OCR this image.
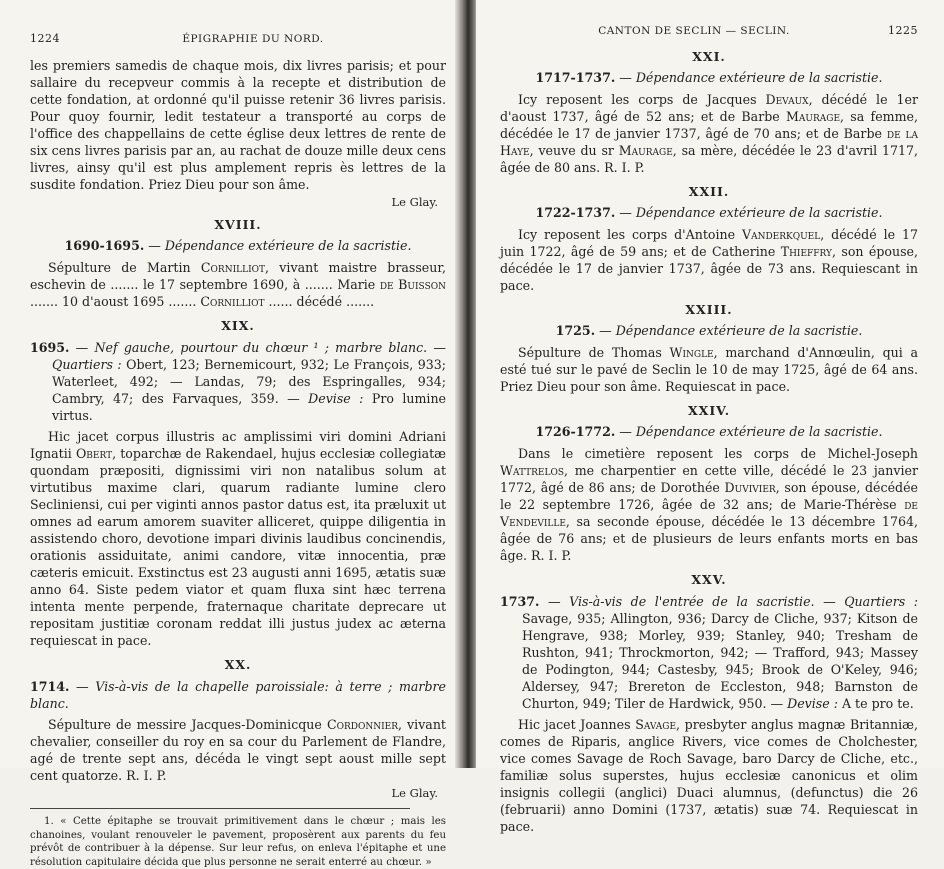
1224	ÉPIGRAPHIE DU NORD.

les premiers samedis de chaque mois, dix livres parisis; et pour sallaire du recepveur commis à la recepte et distribution de cette fondation, at ordonné qu'il puisse retenir 36 livres parisis. Pour quoy fournir, ledit testateur a transporté au corps de l'office des chappellains de cette église deux lettres de rente de six cens livres parisis par an, au rachat de douze mille deux cens livres, ainsy qu'il est plus amplement repris ès lettres de la susdite fondation. Priez Dieu pour son âme.

Le Glay.
XVIII.
1690-1695. — Dépendance extérieure de la sacristie.

Sépulture de Martin Cornilliot, vivant maistre brasseur, eschevin de ....... le 17 septembre 1690, à ....... Marie de Buisson ....... 10 d'aoust 1695 ....... Cornilliot ...... décédé .......

XIX.

1695. — Nef gauche, pourtour du chœur ¹ ; marbre blanc. — Quartiers : Obert, 123; Bernemicourt, 932; Le François, 933; Waterleet, 492; — Landas, 79; des Espringalles, 934; Cambry, 47; des Farvaques, 359. — Devise : Pro lumine virtus.

Hic jacet corpus illustris ac amplissimi viri domini Adriani Ignatii Obert, toparchæ de Rakendael, hujus ecclesiæ collegiatæ quondam præpositi, dignissimi viri non natalibus solum at virtutibus maxime clari, quarum radiante lumine clero Secliniensi, cui per viginti annos pastor datus est, ita præluxit ut omnes ad earum amorem suaviter alliceret, quippe diligentia in assistendo choro, devotione impari divinis laudibus concinendis, orationis assiduitate, animi candore, vitæ innocentia, præ cæteris emicuit. Exstinctus est 23 augusti anni 1695, ætatis suæ anno 64. Siste pedem viator et quam fluxa sint hæc terrena intenta mente perpende, fraternaque charitate deprecare ut repositam justitiæ coronam reddat illi justus judex ac æterna requiescat in pace.

XX.

1714. — Vis-à-vis de la chapelle paroissiale: à terre ; marbre blanc.

Sépulture de messire Jacques-Dominicque Cordonnier, vivant chevalier, conseiller du roy en sa cour du Parlement de Flandre, agé de trente sept ans, décéda le vingt sept aoust mille sept cent quatorze. R. I. P.

Le Glay.

1. « Cette épitaphe se trouvait primitivement dans le chœur ; mais les chanoines, voulant renouveler le pavement, proposèrent aux parents du feu prévôt de contribuer à la dépense. Sur leur refus, on enleva l'épitaphe et une résolution capitulaire décida que plus personne ne serait enterré au chœur. »

CANTON DE SECLIN — SECLIN.	1225
XXI.
1717-1737. — Dépendance extérieure de la sacristie.

Icy reposent les corps de Jacques Devaux, décédé le 1er d'aoust 1737, âgé de 52 ans; et de Barbe Maurage, sa femme, décédée le 17 de janvier 1737, âgé de 70 ans; et de Barbe de la Haye, veuve du sr Maurage, sa mère, décédée le 23 d'avril 1717, âgée de 80 ans. R. I. P.

XXII.
1722-1737. — Dépendance extérieure de la sacristie.

Icy reposent les corps d'Antoine Vanderkquel, décédé le 17 juin 1722, âgé de 59 ans; et de Catherine Thieffry, son épouse, décédée le 17 de janvier 1737, âgée de 73 ans. Requiescant in pace.

XXIII.
1725. — Dépendance extérieure de la sacristie.

Sépulture de Thomas Wingle, marchand d'Annœulin, qui a esté tué sur le pavé de Seclin le 10 de may 1725, âgé de 64 ans. Priez Dieu pour son âme. Requiescat in pace.

XXIV.
1726-1772. — Dépendance extérieure de la sacristie.

Dans le cimetière reposent les corps de Michel-Joseph Wattrelos, me charpentier en cette ville, décédé le 23 janvier 1772, âgé de 86 ans; de Dorothée Duvivier, son épouse, décédée le 22 septembre 1726, âgée de 32 ans; de Marie-Thérèse de Vendeville, sa seconde épouse, décédée le 13 décembre 1764, âgée de 76 ans; et de plusieurs de leurs enfants morts en bas âge. R. I. P.

XXV.

1737. — Vis-à-vis de l'entrée de la sacristie. — Quartiers : Savage, 935; Allington, 936; Darcy de Cliche, 937; Kitson de Hengrave, 938; Morley, 939; Stanley, 940; Tresham de Rushton, 941; Throckmorton, 942; — Trafford, 943; Massey de Podington, 944; Castesby, 945; Brook de O'Keley, 946; Aldersey, 947; Brereton de Eccleston, 948; Barnston de Churton, 949; Tiler de Hardwick, 950. — Devise : A te pro te.

Hic jacet Joannes Savage, presbyter anglus magnæ Britanniæ, comes de Riparis, anglice Rivers, vice comes de Cholchester, vice comes Savage de Roch Savage, baro Darcy de Cliche, etc., familiæ solus superstes, hujus ecclesiæ canonicus et olim insignis collegii (anglici) Duaci alumnus, (defunctus) die 26 (februarii) anno Domini (1737, ætatis) suæ 74. Requiescat in pace.
